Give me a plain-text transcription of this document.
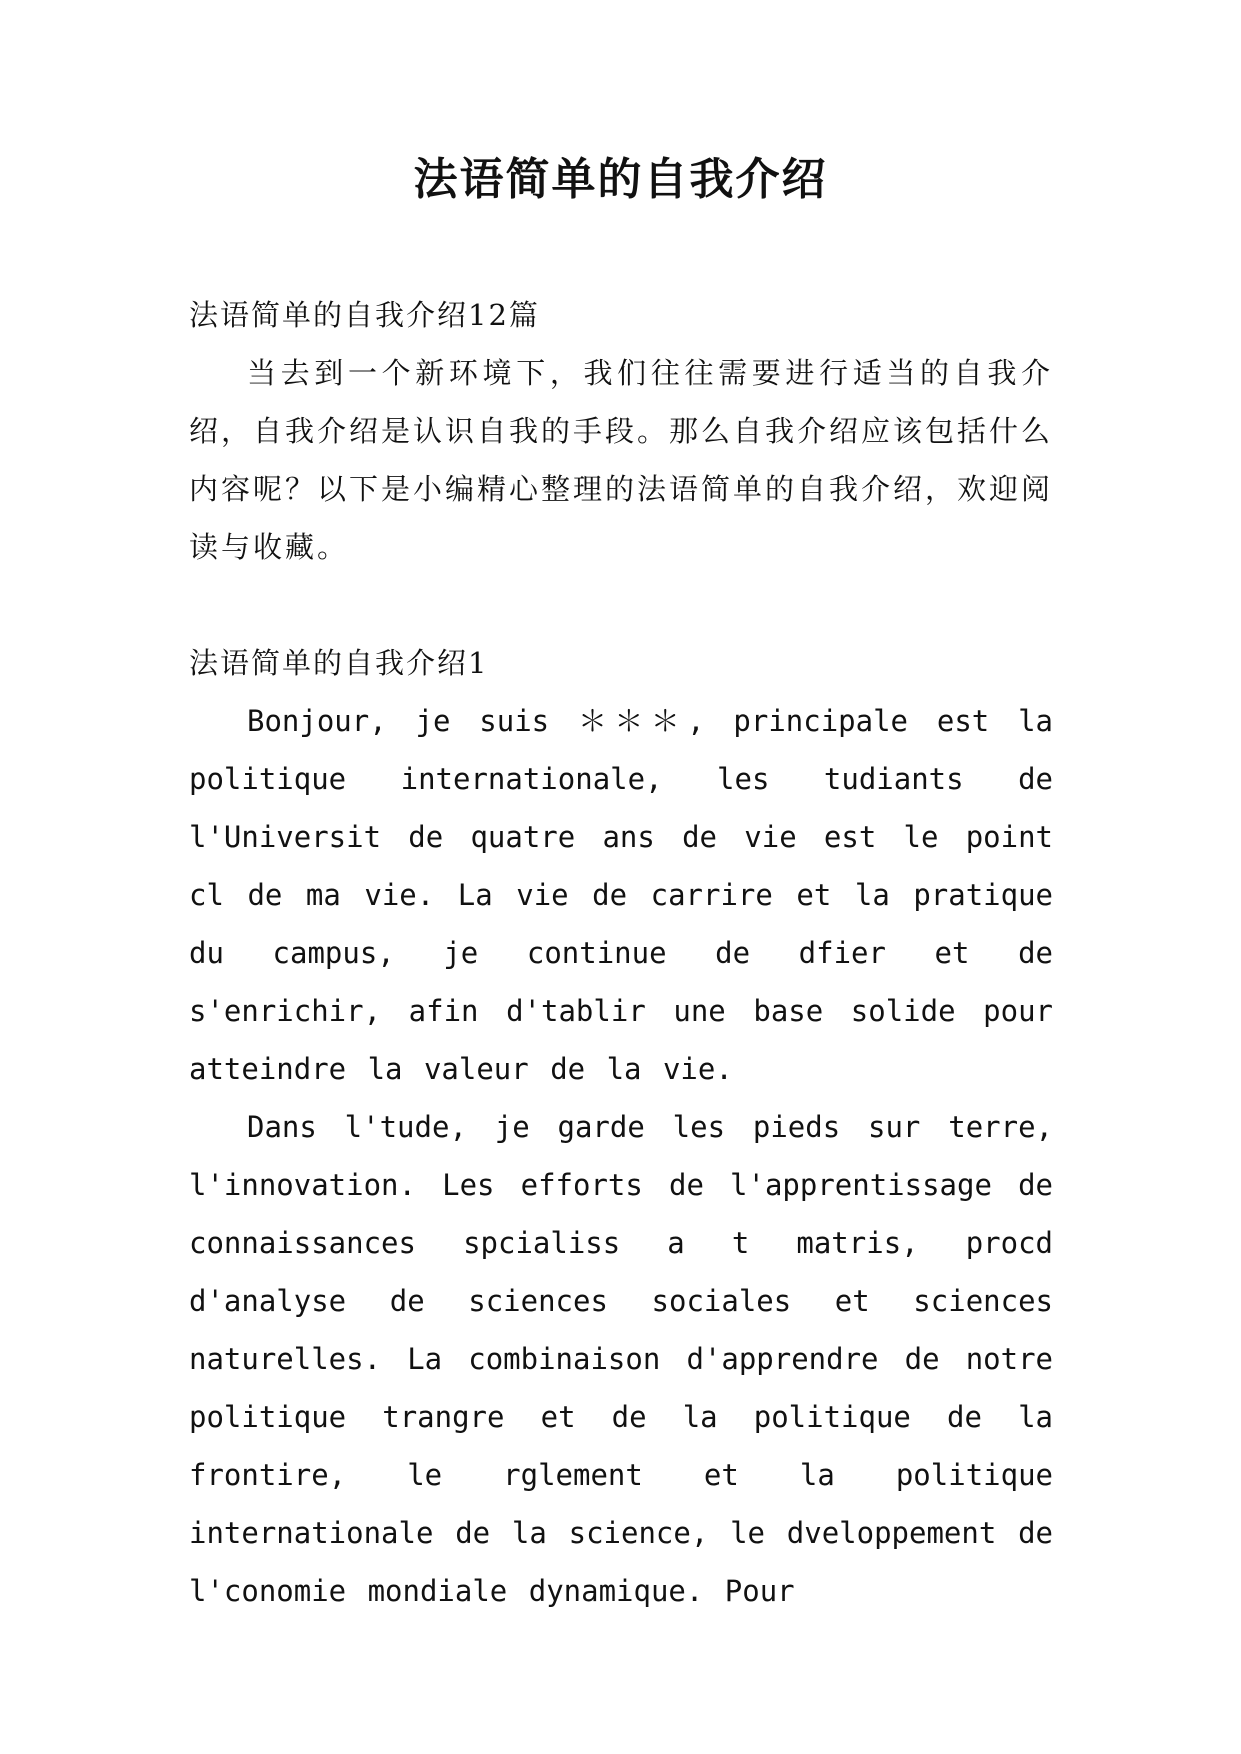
法语简单的自我介绍

法语简单的自我介绍12篇

当去到一个新环境下，我们往往需要进行适当的自我介绍，自我介绍是认识自我的手段。那么自我介绍应该包括什么内容呢？以下是小编精心整理的法语简单的自我介绍，欢迎阅读与收藏。

法语简单的自我介绍1

Bonjour, je suis ＊＊＊, principale est la politique internationale, les tudiants de l'Universit de quatre ans de vie est le point cl de ma vie. La vie de carrire et la pratique du campus, je continue de dfier et de s'enrichir, afin d'tablir une base solide pour atteindre la valeur de la vie.

Dans l'tude, je garde les pieds sur terre, l'innovation. Les efforts de l'apprentissage de connaissances spcialiss a t matris, procd d'analyse de sciences sociales et sciences naturelles. La combinaison d'apprendre de notre politique trangre et de la politique de la frontire, le rglement et la politique internationale de la science, le dveloppement de l'conomie mondiale dynamique. Pour
